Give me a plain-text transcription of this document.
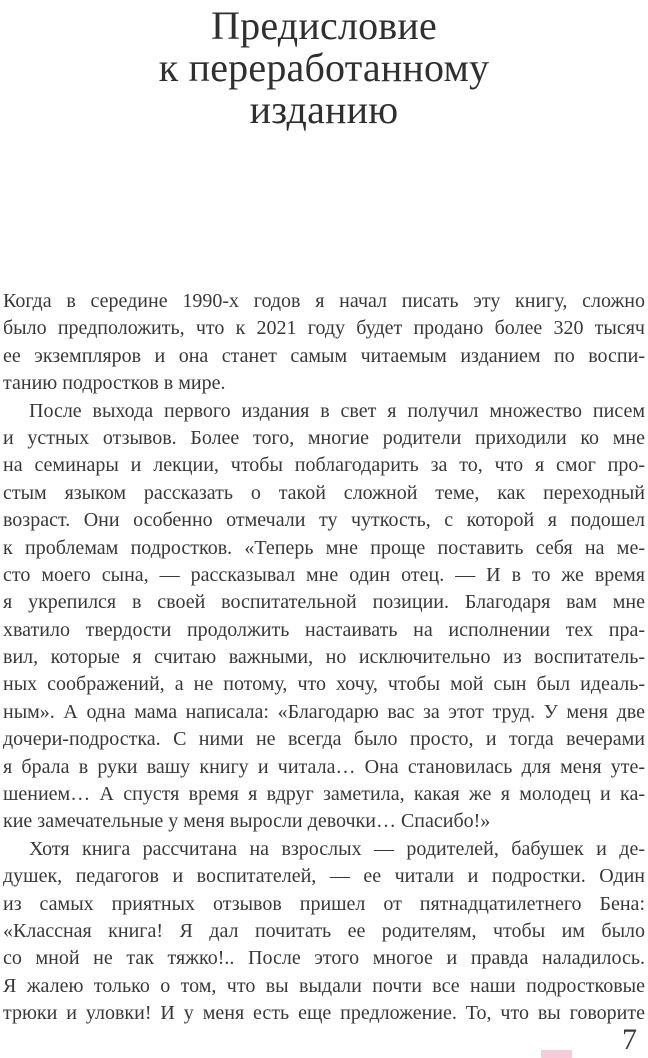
Предисловие
к переработанному
изданию
Когда в середине 1990-х годов я начал писать эту книгу, сложно
было предположить, что к 2021 году будет продано более 320 тысяч
ее экземпляров и она станет самым читаемым изданием по воспи-
танию подростков в мире.
После выхода первого издания в свет я получил множество писем
и устных отзывов. Более того, многие родители приходили ко мне
на семинары и лекции, чтобы поблагодарить за то, что я смог про-
стым языком рассказать о такой сложной теме, как переходный
возраст. Они особенно отмечали ту чуткость, с которой я подошел
к проблемам подростков. «Теперь мне проще поставить себя на ме-
сто моего сына, — рассказывал мне один отец. — И в то же время
я укрепился в своей воспитательной позиции. Благодаря вам мне
хватило твердости продолжить настаивать на исполнении тех пра-
вил, которые я считаю важными, но исключительно из воспитатель-
ных соображений, а не потому, что хочу, чтобы мой сын был идеаль-
ным». А одна мама написала: «Благодарю вас за этот труд. У меня две
дочери-подростка. С ними не всегда было просто, и тогда вечерами
я брала в руки вашу книгу и читала… Она становилась для меня уте-
шением… А спустя время я вдруг заметила, какая же я молодец и ка-
кие замечательные у меня выросли девочки… Спасибо!»
Хотя книга рассчитана на взрослых — родителей, бабушек и де-
душек, педагогов и воспитателей, — ее читали и подростки. Один
из самых приятных отзывов пришел от пятнадцатилетнего Бена:
«Классная книга! Я дал почитать ее родителям, чтобы им было
со мной не так тяжко!.. После этого многое и правда наладилось.
Я жалею только о том, что вы выдали почти все наши подростковые
трюки и уловки! И у меня есть еще предложение. То, что вы говорите
7
